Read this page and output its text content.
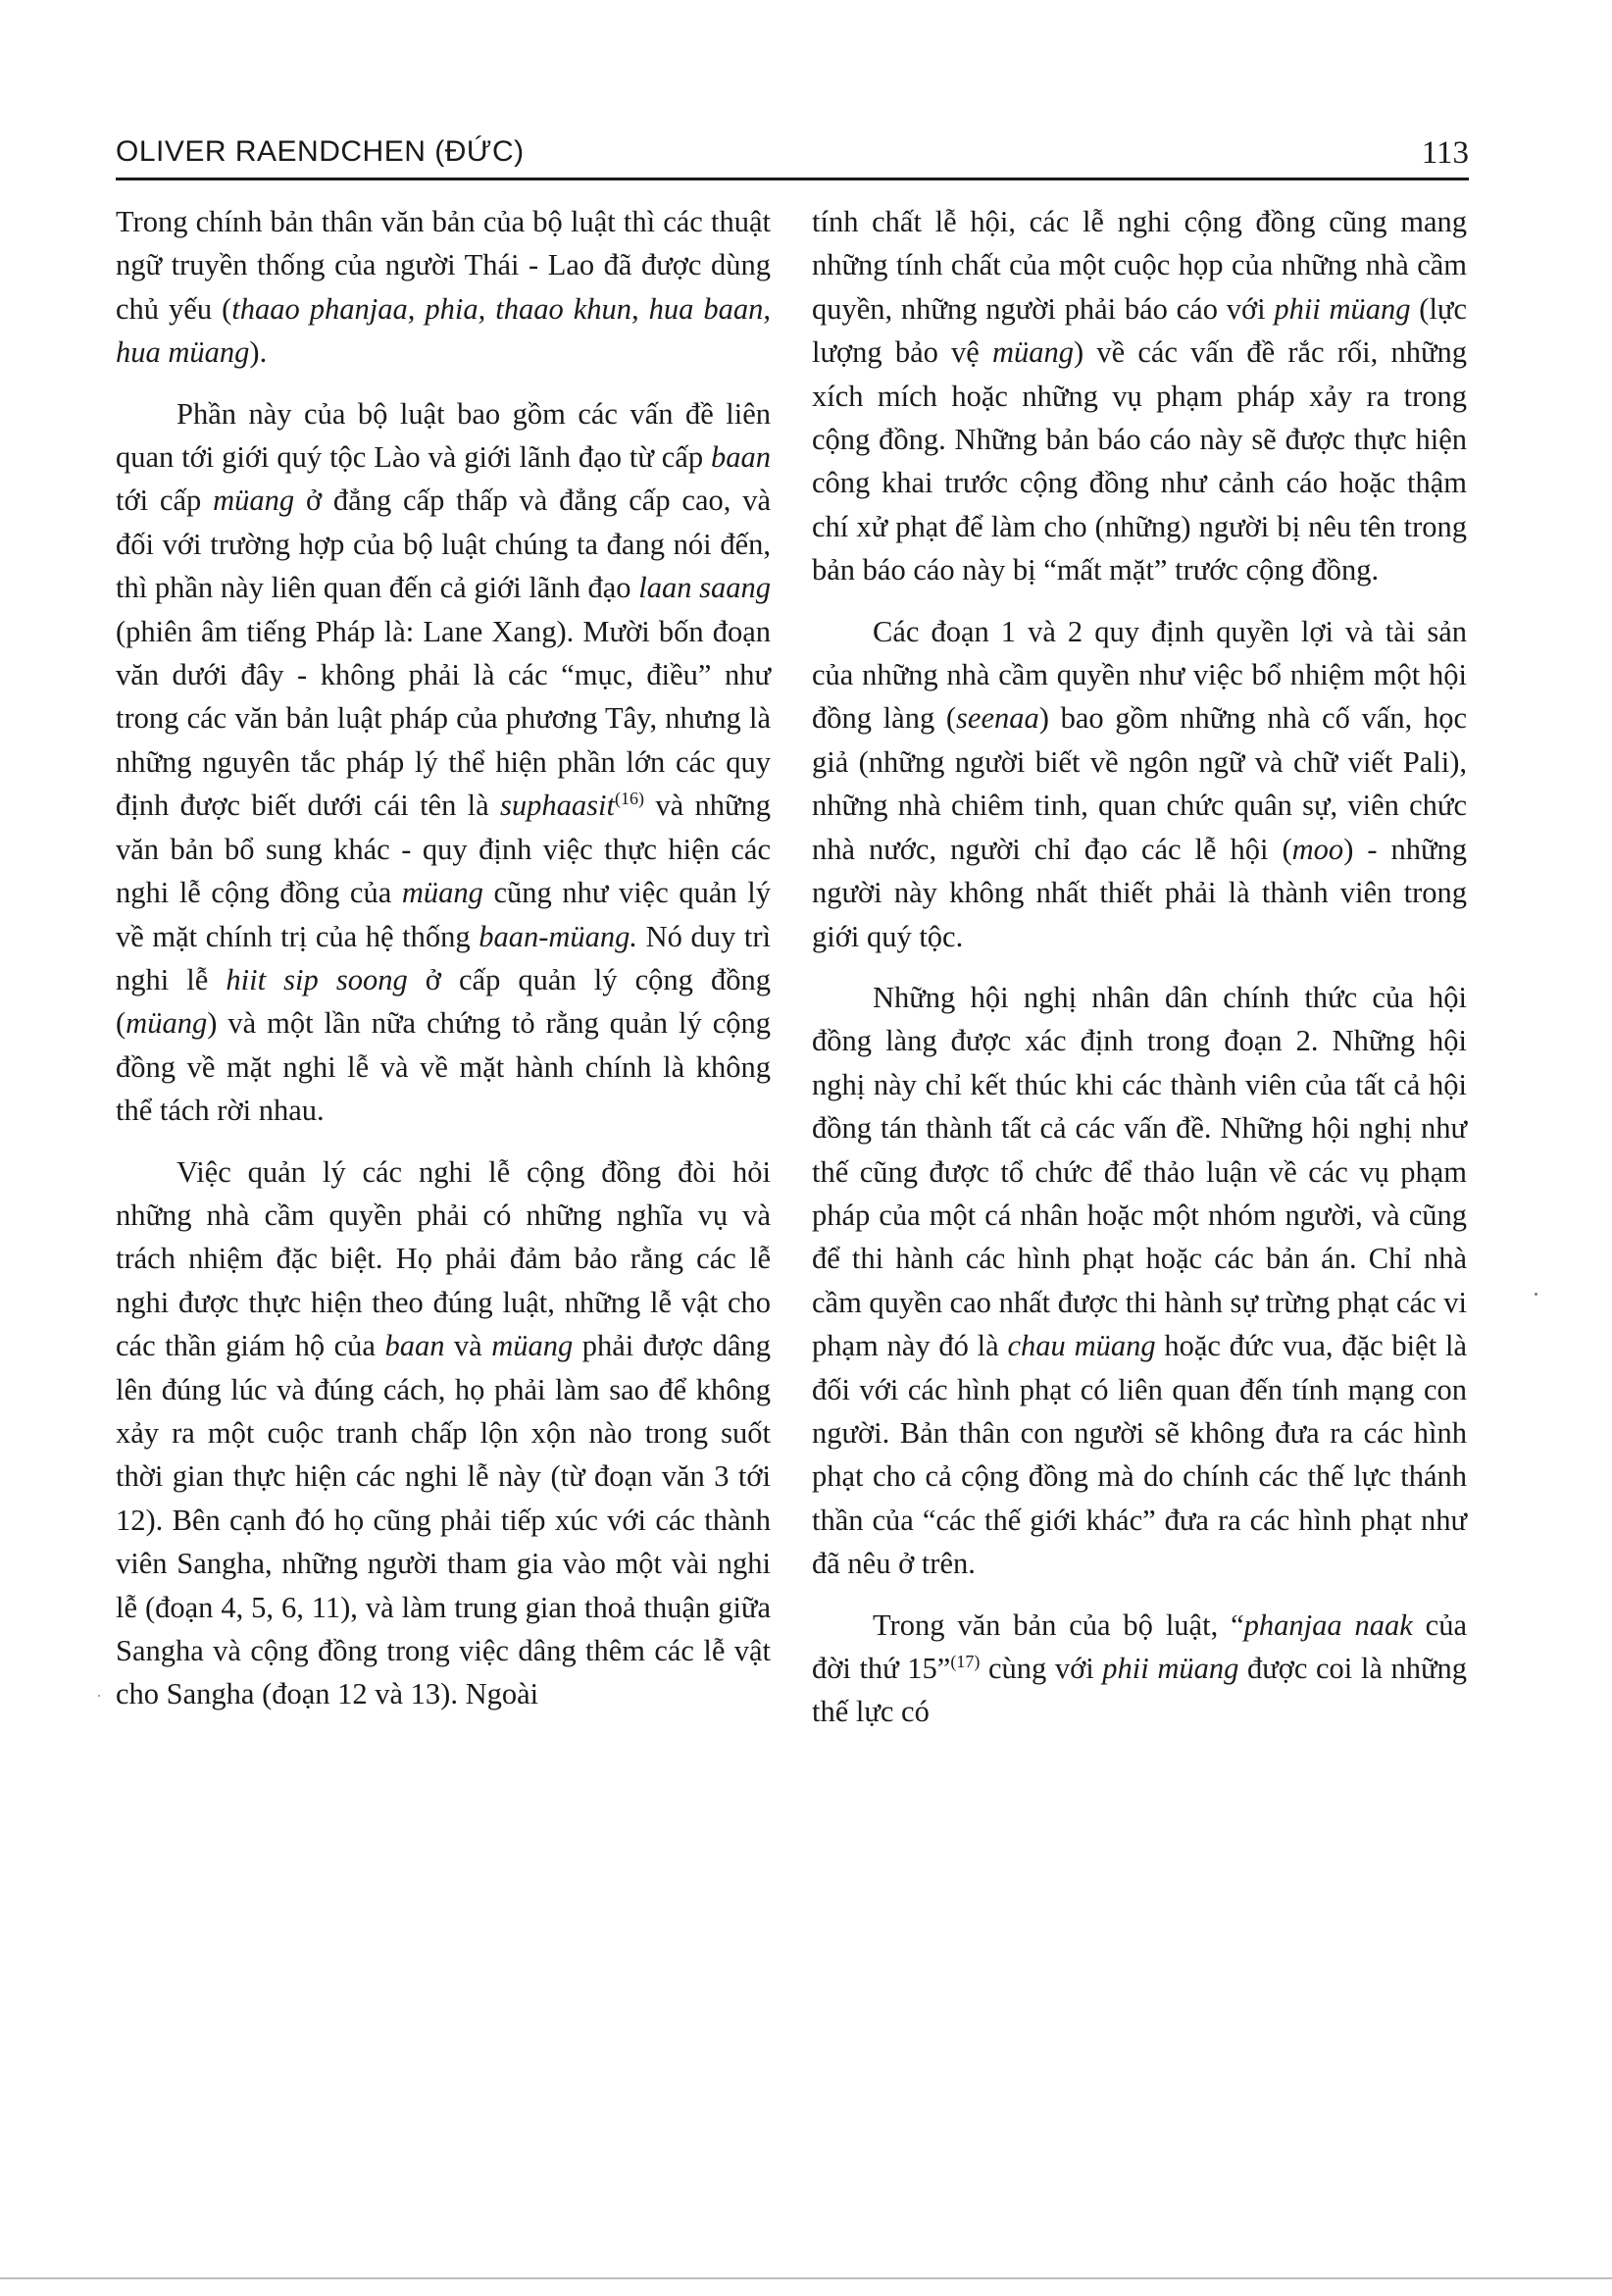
OLIVER RAENDCHEN (ĐỨC)	113

Trong chính bản thân văn bản của bộ luật thì các thuật ngữ truyền thống của người Thái - Lao đã được dùng chủ yếu (thaao phanjaa, phia, thaao khun, hua baan, hua müang).

Phần này của bộ luật bao gồm các vấn đề liên quan tới giới quý tộc Lào và giới lãnh đạo từ cấp baan tới cấp müang ở đẳng cấp thấp và đẳng cấp cao, và đối với trường hợp của bộ luật chúng ta đang nói đến, thì phần này liên quan đến cả giới lãnh đạo laan saang (phiên âm tiếng Pháp là: Lane Xang). Mười bốn đoạn văn dưới đây - không phải là các “mục, điều” như trong các văn bản luật pháp của phương Tây, nhưng là những nguyên tắc pháp lý thể hiện phần lớn các quy định được biết dưới cái tên là suphaasit$^{(16)}$ và những văn bản bổ sung khác - quy định việc thực hiện các nghi lễ cộng đồng của müang cũng như việc quản lý về mặt chính trị của hệ thống baan-müang. Nó duy trì nghi lễ hiit sip soong ở cấp quản lý cộng đồng (müang) và một lần nữa chứng tỏ rằng quản lý cộng đồng về mặt nghi lễ và về mặt hành chính là không thể tách rời nhau.

Việc quản lý các nghi lễ cộng đồng đòi hỏi những nhà cầm quyền phải có những nghĩa vụ và trách nhiệm đặc biệt. Họ phải đảm bảo rằng các lễ nghi được thực hiện theo đúng luật, những lễ vật cho các thần giám hộ của baan và müang phải được dâng lên đúng lúc và đúng cách, họ phải làm sao để không xảy ra một cuộc tranh chấp lộn xộn nào trong suốt thời gian thực hiện các nghi lễ này (từ đoạn văn 3 tới 12). Bên cạnh đó họ cũng phải tiếp xúc với các thành viên Sangha, những người tham gia vào một vài nghi lễ (đoạn 4, 5, 6, 11), và làm trung gian thoả thuận giữa Sangha và cộng đồng trong việc dâng thêm các lễ vật cho Sangha (đoạn 12 và 13). Ngoài

tính chất lễ hội, các lễ nghi cộng đồng cũng mang những tính chất của một cuộc họp của những nhà cầm quyền, những người phải báo cáo với phii müang (lực lượng bảo vệ müang) về các vấn đề rắc rối, những xích mích hoặc những vụ phạm pháp xảy ra trong cộng đồng. Những bản báo cáo này sẽ được thực hiện công khai trước cộng đồng như cảnh cáo hoặc thậm chí xử phạt để làm cho (những) người bị nêu tên trong bản báo cáo này bị “mất mặt” trước cộng đồng.

Các đoạn 1 và 2 quy định quyền lợi và tài sản của những nhà cầm quyền như việc bổ nhiệm một hội đồng làng (seenaa) bao gồm những nhà cố vấn, học giả (những người biết về ngôn ngữ và chữ viết Pali), những nhà chiêm tinh, quan chức quân sự, viên chức nhà nước, người chỉ đạo các lễ hội (moo) - những người này không nhất thiết phải là thành viên trong giới quý tộc.

Những hội nghị nhân dân chính thức của hội đồng làng được xác định trong đoạn 2. Những hội nghị này chỉ kết thúc khi các thành viên của tất cả hội đồng tán thành tất cả các vấn đề. Những hội nghị như thế cũng được tổ chức để thảo luận về các vụ phạm pháp của một cá nhân hoặc một nhóm người, và cũng để thi hành các hình phạt hoặc các bản án. Chỉ nhà cầm quyền cao nhất được thi hành sự trừng phạt các vi phạm này đó là chau müang hoặc đức vua, đặc biệt là đối với các hình phạt có liên quan đến tính mạng con người. Bản thân con người sẽ không đưa ra các hình phạt cho cả cộng đồng mà do chính các thế lực thánh thần của “các thế giới khác” đưa ra các hình phạt như đã nêu ở trên.

Trong văn bản của bộ luật, “phanjaa naak của đời thứ 15”$^{(17)}$ cùng với phii müang được coi là những thế lực có
